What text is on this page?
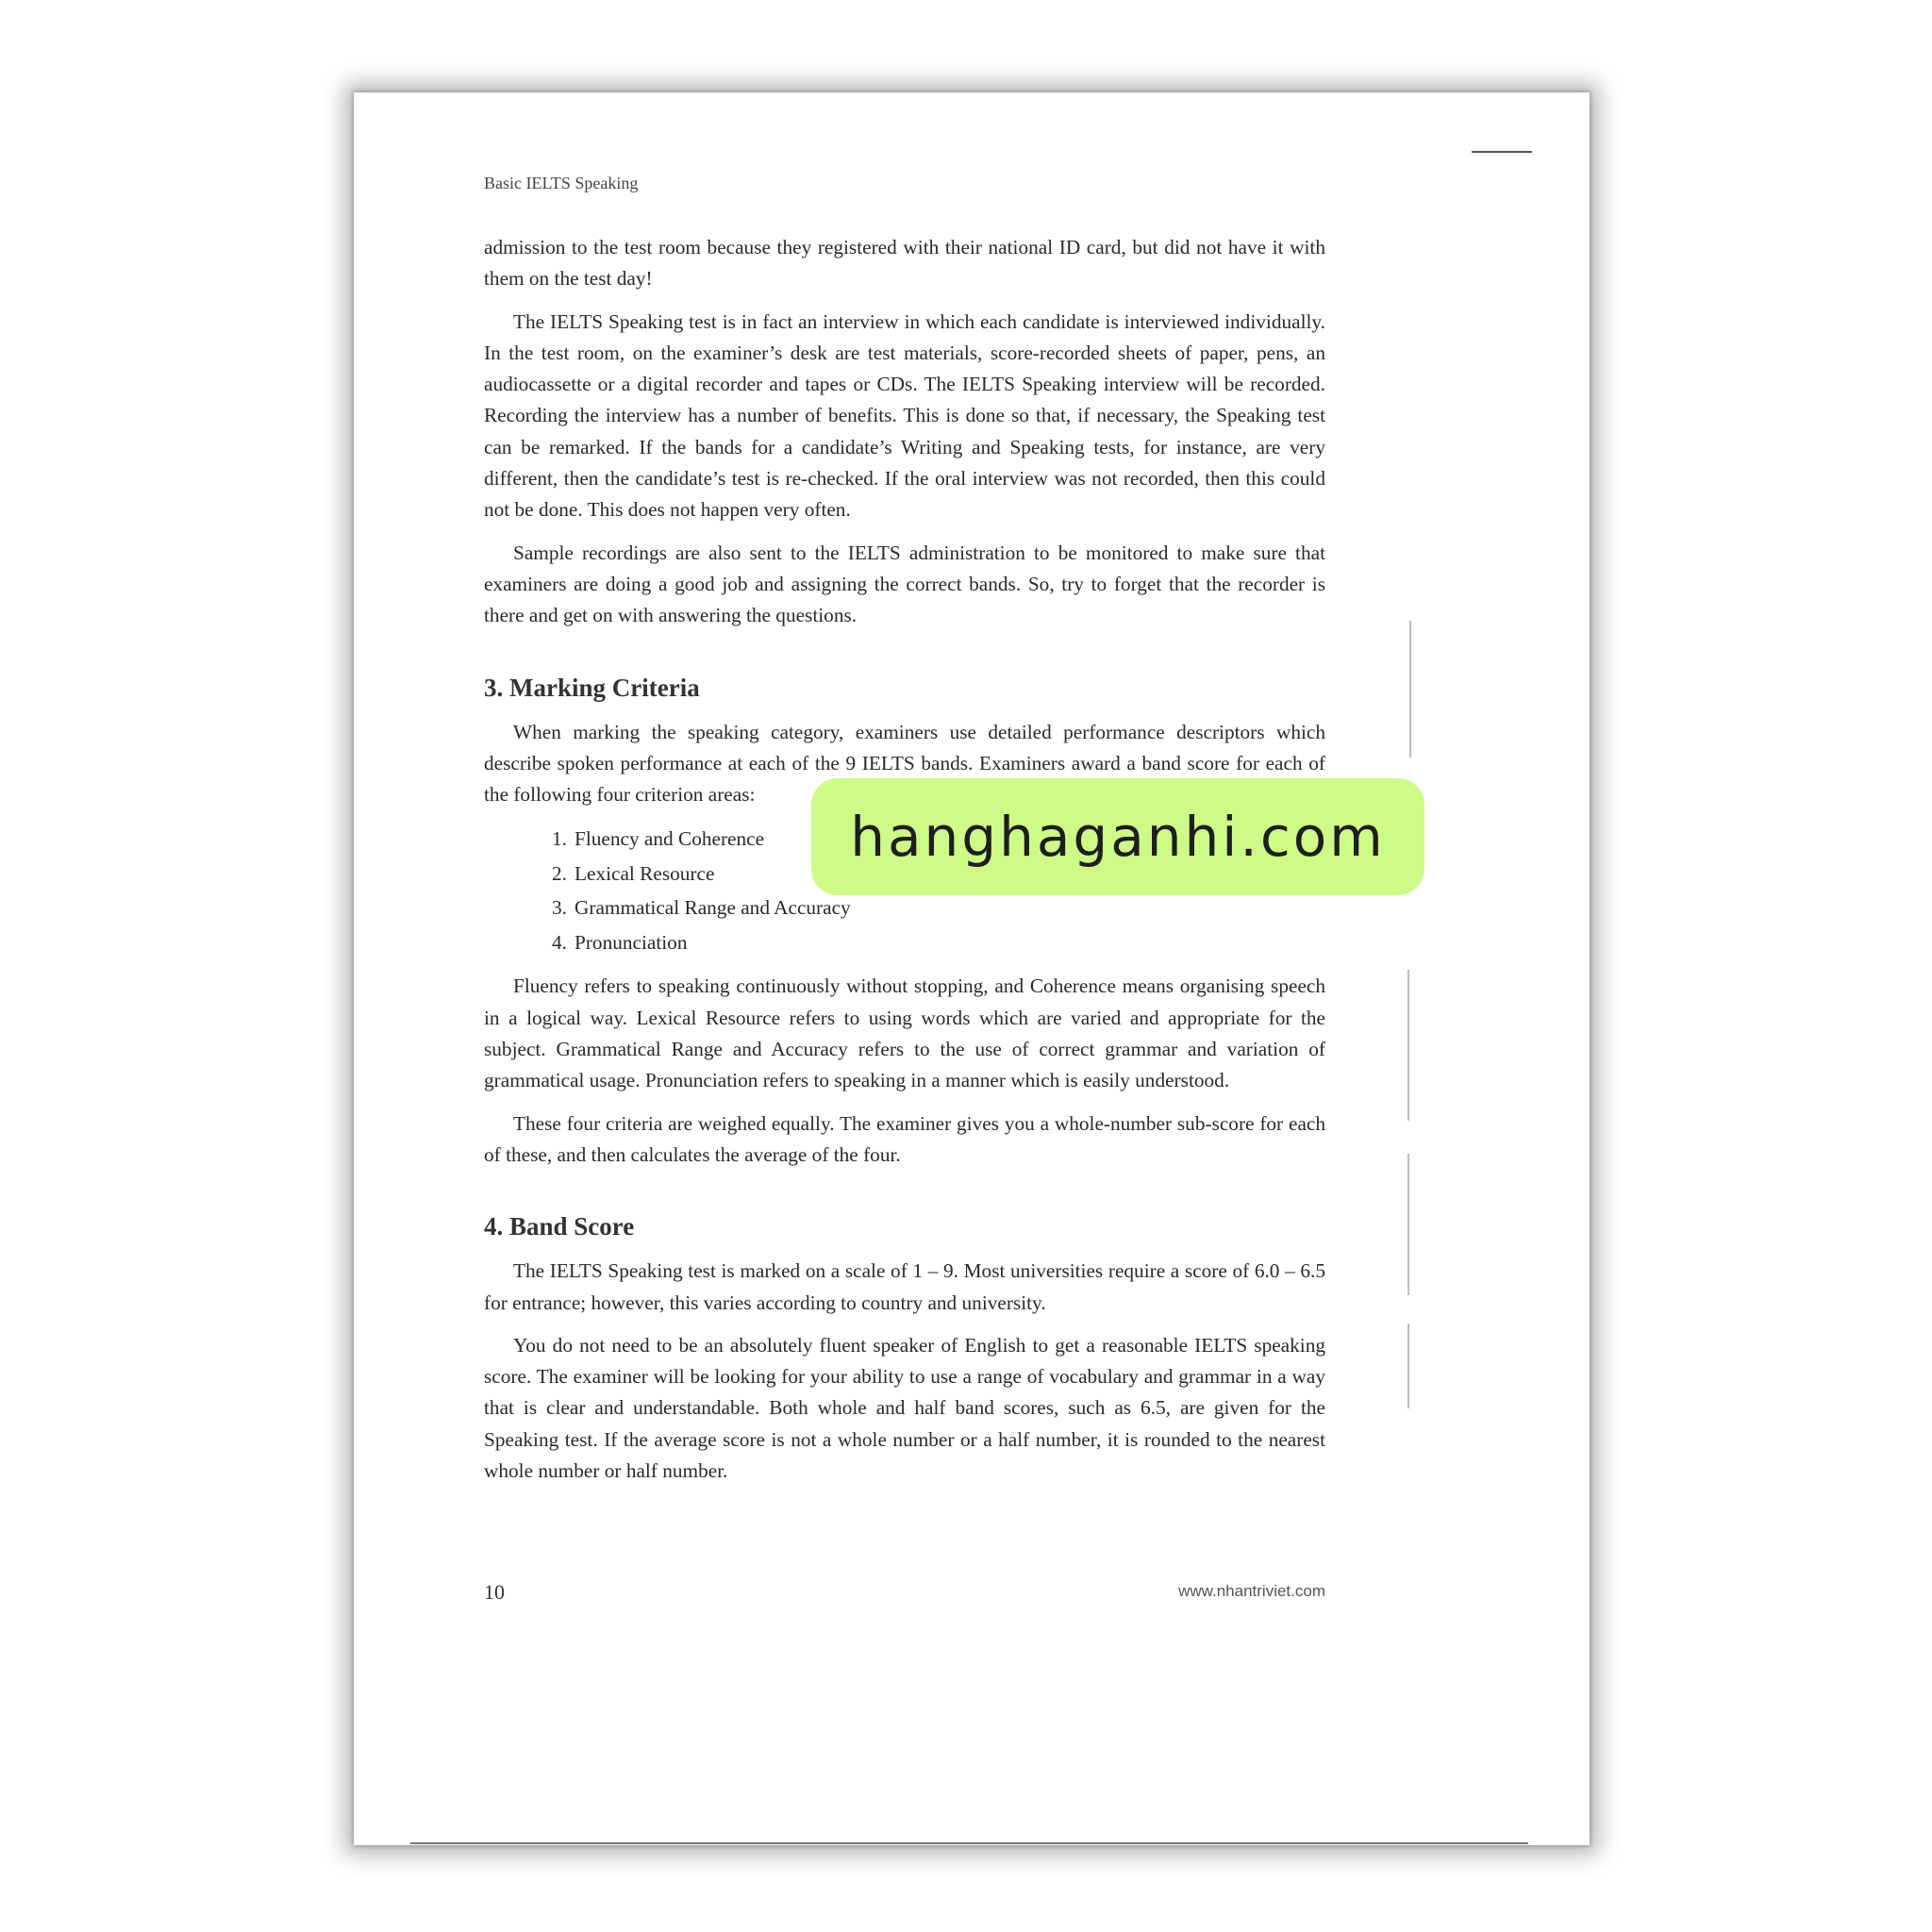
Basic IELTS Speaking

admission to the test room because they registered with their national ID card, but did not have it with them on the test day!

The IELTS Speaking test is in fact an interview in which each candidate is interviewed individually. In the test room, on the examiner’s desk are test materials, score-recorded sheets of paper, pens, an audiocassette or a digital recorder and tapes or CDs. The IELTS Speaking interview will be recorded. Recording the interview has a number of benefits. This is done so that, if necessary, the Speaking test can be remarked. If the bands for a candidate’s Writing and Speaking tests, for instance, are very different, then the candidate’s test is re-checked. If the oral interview was not recorded, then this could not be done. This does not happen very often.

Sample recordings are also sent to the IELTS administration to be monitored to make sure that examiners are doing a good job and assigning the correct bands. So, try to forget that the recorder is there and get on with answering the questions.

3. Marking Criteria

When marking the speaking category, examiners use detailed performance descriptors which describe spoken performance at each of the 9 IELTS bands. Examiners award a band score for each of the following four criterion areas:

1. Fluency and Coherence
2. Lexical Resource
3. Grammatical Range and Accuracy
4. Pronunciation

Fluency refers to speaking continuously without stopping, and Coherence means organising speech in a logical way. Lexical Resource refers to using words which are varied and appropriate for the subject. Grammatical Range and Accuracy refers to the use of correct grammar and variation of grammatical usage. Pronunciation refers to speaking in a manner which is easily understood.

These four criteria are weighed equally. The examiner gives you a whole-number sub-score for each of these, and then calculates the average of the four.

4. Band Score

The IELTS Speaking test is marked on a scale of 1 – 9. Most universities require a score of 6.0 – 6.5 for entrance; however, this varies according to country and university.

You do not need to be an absolutely fluent speaker of English to get a reasonable IELTS speaking score. The examiner will be looking for your ability to use a range of vocabulary and grammar in a way that is clear and understandable. Both whole and half band scores, such as 6.5, are given for the Speaking test. If the average score is not a whole number or a half number, it is rounded to the nearest whole number or half number.

10	www.nhantriviet.com
hanghaganhi.com
